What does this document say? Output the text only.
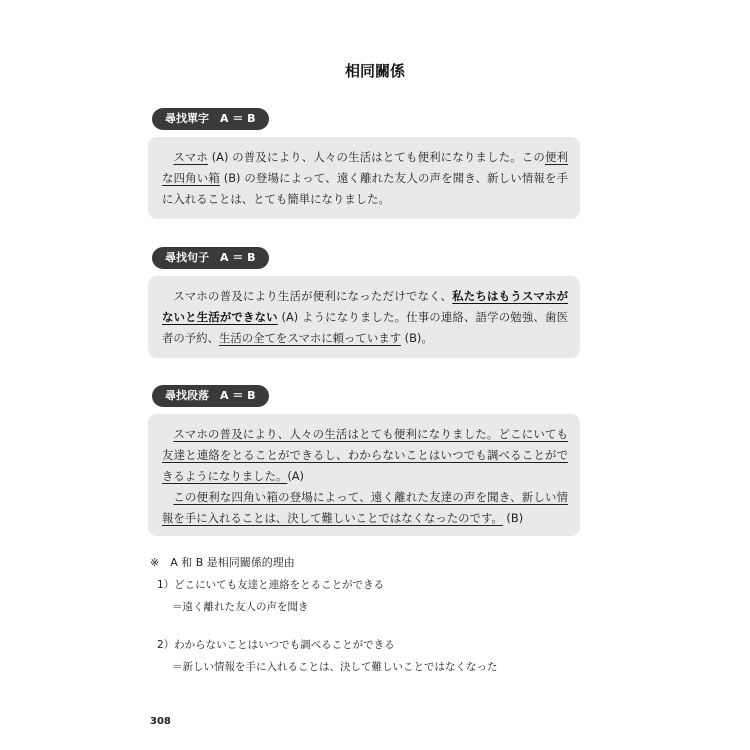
相同關係
尋找單字　A ＝ B

スマホ (A) の普及により、人々の生活はとても便利になりました。この便利な四角い箱 (B) の登場によって、遠く離れた友人の声を聞き、新しい情報を手に入れることは、とても簡単になりました。

尋找句子　A ＝ B

スマホの普及により生活が便利になっただけでなく、私たちはもうスマホがないと生活ができない (A) ようになりました。仕事の連絡、語学の勉強、歯医者の予約、生活の全てをスマホに頼っています (B)。

尋找段落　A ＝ B

スマホの普及により、人々の生活はとても便利になりました。どこにいても友達と連絡をとることができるし、わからないことはいつでも調べることができるようになりました。(A)

この便利な四角い箱の登場によって、遠く離れた友達の声を聞き、新しい情報を手に入れることは、決して難しいことではなくなったのです。 (B)

※　A 和 B 是相同關係的理由
1）どこにいても友達と連絡をとることができる
＝遠く離れた友人の声を聞き
2）わからないことはいつでも調べることができる
＝新しい情報を手に入れることは、決して難しいことではなくなった
308
